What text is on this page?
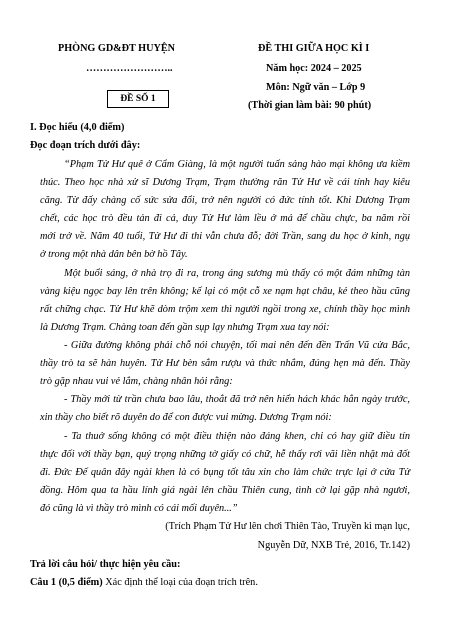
PHÒNG GD&ĐT HUYỆN
……………………..
ĐỀ SỐ 1
ĐỀ THI GIỮA HỌC KÌ I
Năm học: 2024 – 2025
Môn: Ngữ văn – Lớp 9
(Thời gian làm bài: 90 phút)
I. Đọc hiểu (4,0 điểm)
Đọc đoạn trích dưới đây:
“Phạm Tử Hư quê ở Cẩm Giàng, là một người tuấn sảng hào mại không ưa kiềm
thúc. Theo học nhà xử sĩ Dương Trạm, Trạm thường răn Tử Hư về cái tính hay kiêu
căng. Từ đấy chàng cố sức sửa đổi, trở nên người có đức tính tốt. Khi Dương Trạm
chết, các học trò đều tản đi cả, duy Tử Hư làm lều ở mả để chầu chực, ba năm rồi
mới trở về. Năm 40 tuổi, Tử Hư đi thi vẫn chưa đỗ; đời Trần, sang du học ở kinh, ngụ
ở trong một nhà dân bên bờ hồ Tây.
Một buổi sáng, ở nhà trọ đi ra, trong áng sương mù thấy có một đám những tàn
vàng kiệu ngọc bay lên trên không; kế lại có một cỗ xe nạm hạt châu, kẻ theo hầu cũng
rất chững chạc. Tử Hư khẽ dòm trộm xem thì người ngồi trong xe, chính thầy học mình
là Dương Trạm. Chàng toan đến gần sụp lạy nhưng Trạm xua tay nói:
- Giữa đường không phải chỗ nói chuyện, tối mai nên đến đền Trấn Vũ cửa Bắc,
thầy trò ta sẽ hàn huyên. Tử Hư bèn sắm rượu và thức nhắm, đúng hẹn mà đến. Thầy
trò gặp nhau vui vẻ lắm, chàng nhân hỏi rằng:
- Thầy mới từ trần chưa bao lâu, thoắt đã trở nên hiển hách khác hẳn ngày trước,
xin thầy cho biết rõ duyên do để con được vui mừng. Dương Trạm nói:
- Ta thuở sống không có một điều thiện nào đáng khen, chỉ có hay giữ điều tín
thực đối với thầy bạn, quý trọng những tờ giấy có chữ, hễ thấy rơi vãi liền nhặt mà đốt
đi. Đức Đế quân đây ngài khen là có bụng tốt tâu xin cho làm chức trực lại ở cửa Tử
đồng. Hôm qua ta hầu lính giá ngài lên chầu Thiên cung, tình cờ lại gặp nhà ngươi,
đó cũng là vì thầy trò mình có cái mối duyên...”
(Trích Phạm Tử Hư lên chơi Thiên Tào, Truyền kì mạn lục,
Nguyễn Dữ, NXB Trẻ, 2016, Tr.142)
Trả lời câu hỏi/ thực hiện yêu cầu:
Câu 1 (0,5 điểm) Xác định thể loại của đoạn trích trên.
